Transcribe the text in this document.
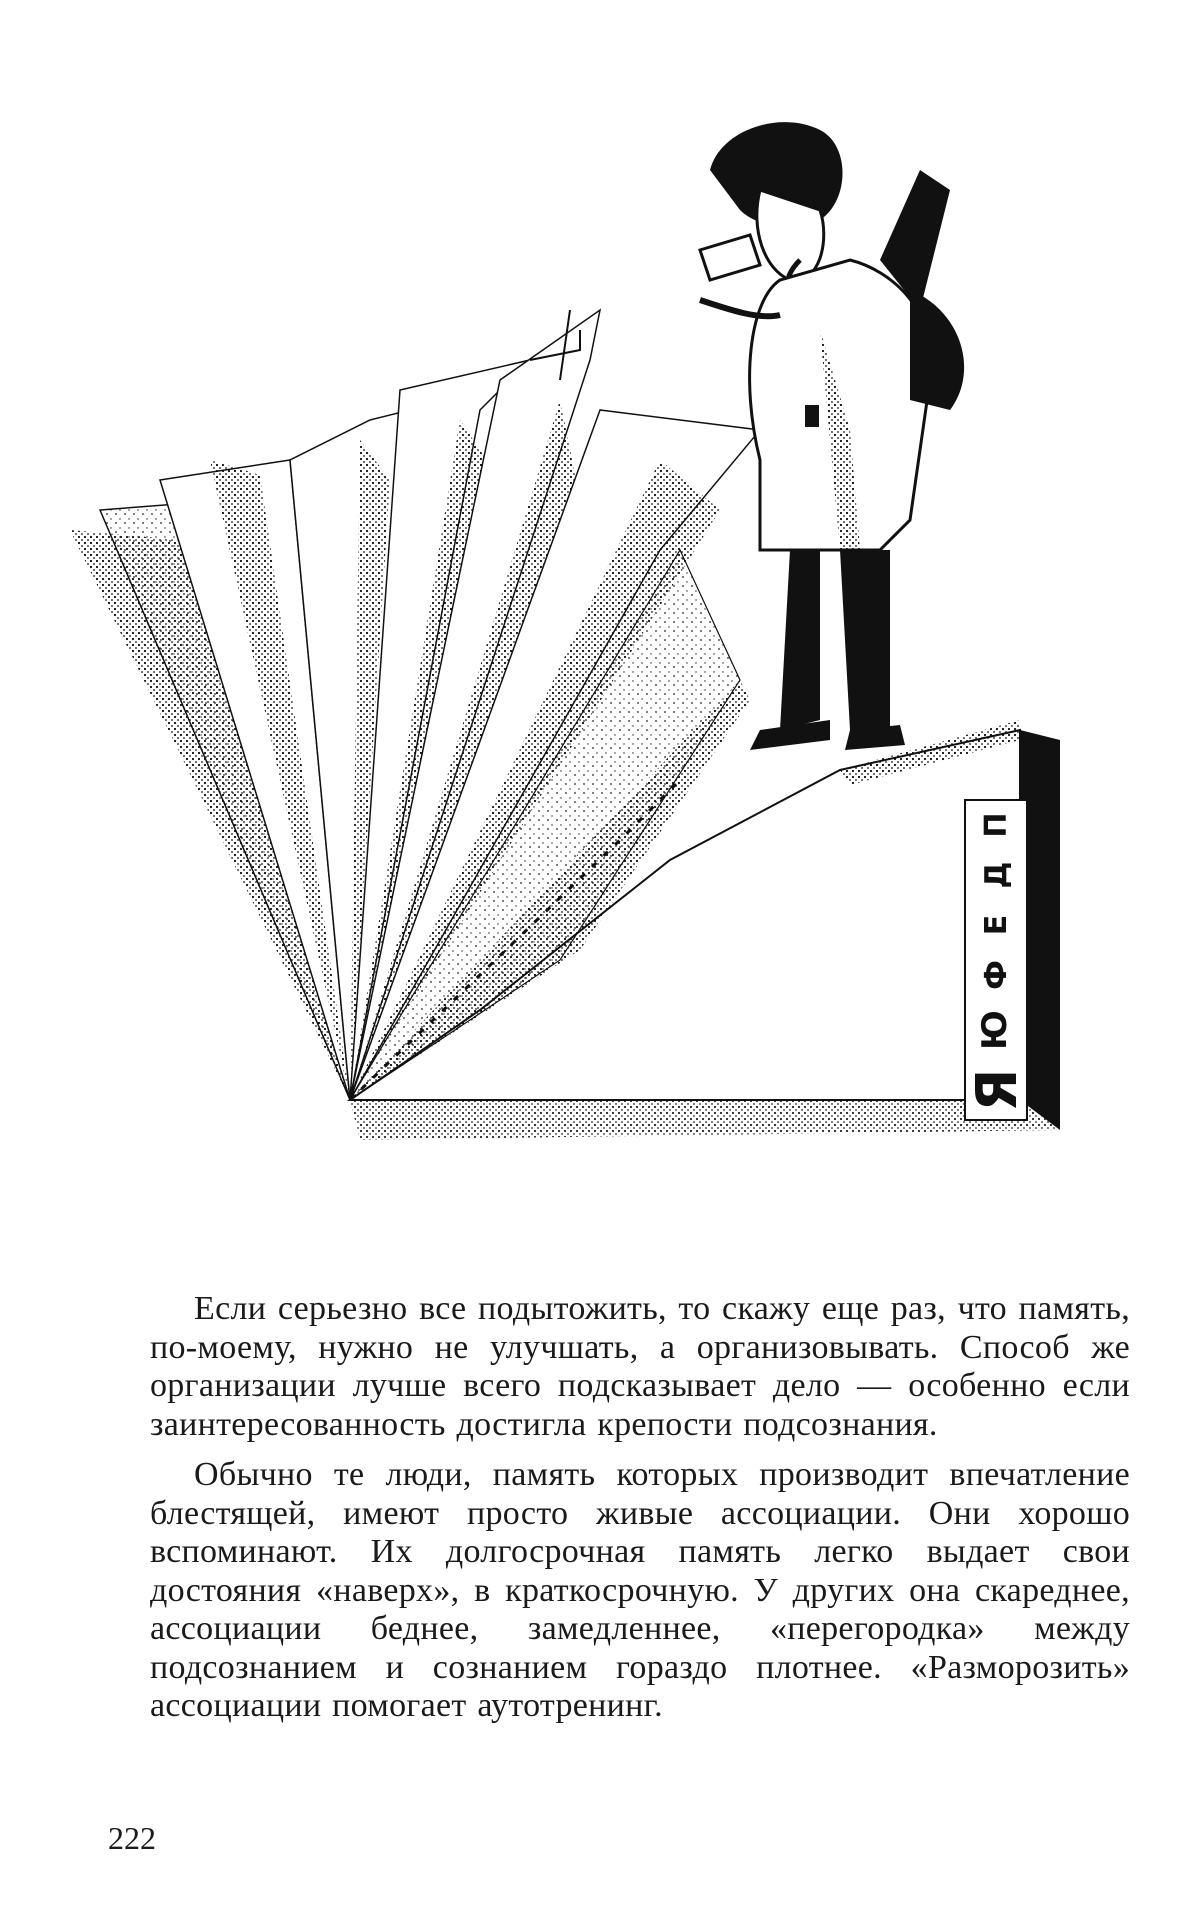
Я
Ю
Ф
Е
Д
П

Если серьезно все подытожить, то скажу еще раз, что память, по-моему, нужно не улучшать, а организовывать. Способ же организации лучше всего подсказывает дело — особенно если заинтересованность достигла крепости подсознания.

Обычно те люди, память которых производит впечатление блестящей, имеют просто живые ассоциации. Они хорошо вспоминают. Их долгосрочная память легко выдает свои достояния «наверх», в краткосрочную. У других она скареднее, ассоциации беднее, замедленнее, «перегородка» между подсознанием и сознанием гораздо плотнее. «Разморозить» ассоциации помогает аутотренинг.

222
